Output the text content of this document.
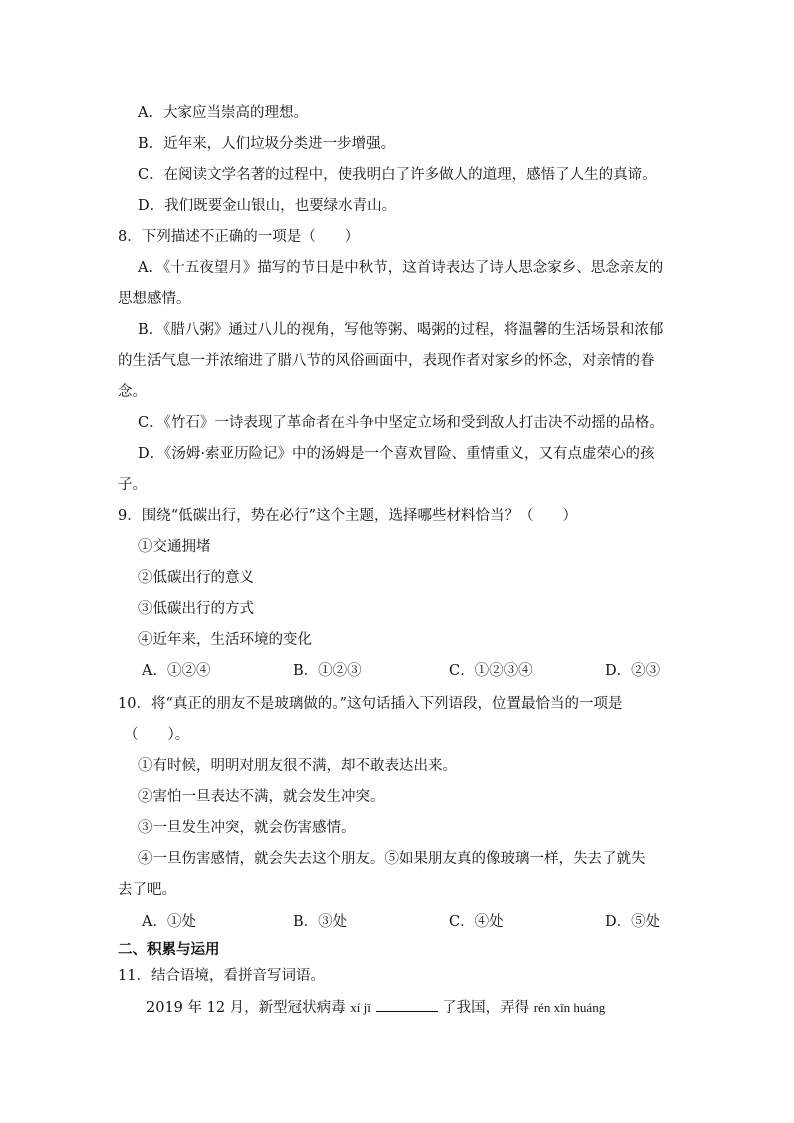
A．大家应当崇高的理想。
B．近年来，人们垃圾分类进一步增强。
C．在阅读文学名著的过程中，使我明白了许多做人的道理，感悟了人生的真谛。
D．我们既要金山银山，也要绿水青山。
8．下列描述不正确的一项是（　　）
A．《十五夜望月》描写的节日是中秋节，这首诗表达了诗人思念家乡、思念亲友的
思想感情。
B．《腊八粥》通过八儿的视角，写他等粥、喝粥的过程，将温馨的生活场景和浓郁
的生活气息一并浓缩进了腊八节的风俗画面中，表现作者对家乡的怀念，对亲情的眷
念。
C．《竹石》一诗表现了革命者在斗争中坚定立场和受到敌人打击决不动摇的品格。
D．《汤姆·索亚历险记》中的汤姆是一个喜欢冒险、重情重义，又有点虚荣心的孩
子。
9．围绕“低碳出行，势在必行”这个主题，选择哪些材料恰当？（　　）
①交通拥堵
②低碳出行的意义
③低碳出行的方式
④近年来，生活环境的变化
A．①②④	B．①②③	C．①②③④	D．②③
10．将“真正的朋友不是玻璃做的。”这句话插入下列语段，位置最恰当的一项是
（　　）。
①有时候，明明对朋友很不满，却不敢表达出来。
②害怕一旦表达不满，就会发生冲突。
③一旦发生冲突，就会伤害感情。
④一旦伤害感情，就会失去这个朋友。⑤如果朋友真的像玻璃一样，失去了就失
去了吧。
A．①处	B．③处	C．④处	D．⑤处
二、积累与运用
11．结合语境，看拼音写词语。
2019 年 12 月，新型冠状病毒 xí jī	了我国，弄得 rén xīn huáng
